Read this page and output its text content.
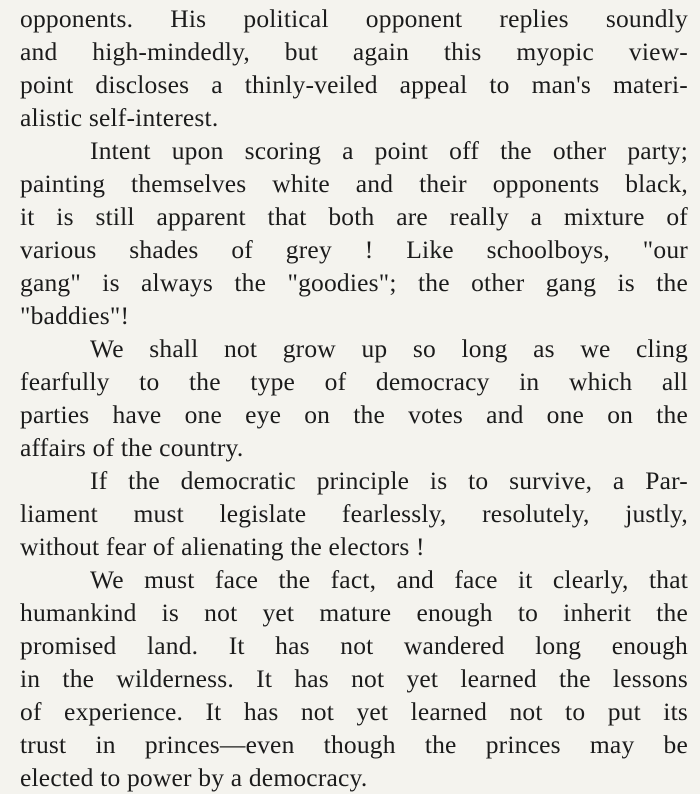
opponents. His political opponent replies soundly
and high-mindedly, but again this myopic view-
point discloses a thinly-veiled appeal to man's materi-
alistic self-interest.
Intent upon scoring a point off the other party;
painting themselves white and their opponents black,
it is still apparent that both are really a mixture of
various shades of grey ! Like schoolboys, "our
gang" is always the "goodies"; the other gang is the
"baddies"!
We shall not grow up so long as we cling
fearfully to the type of democracy in which all
parties have one eye on the votes and one on the
affairs of the country.
If the democratic principle is to survive, a Par-
liament must legislate fearlessly, resolutely, justly,
without fear of alienating the electors !
We must face the fact, and face it clearly, that
humankind is not yet mature enough to inherit the
promised land. It has not wandered long enough
in the wilderness. It has not yet learned the lessons
of experience. It has not yet learned not to put its
trust in princes—even though the princes may be
elected to power by a democracy.
